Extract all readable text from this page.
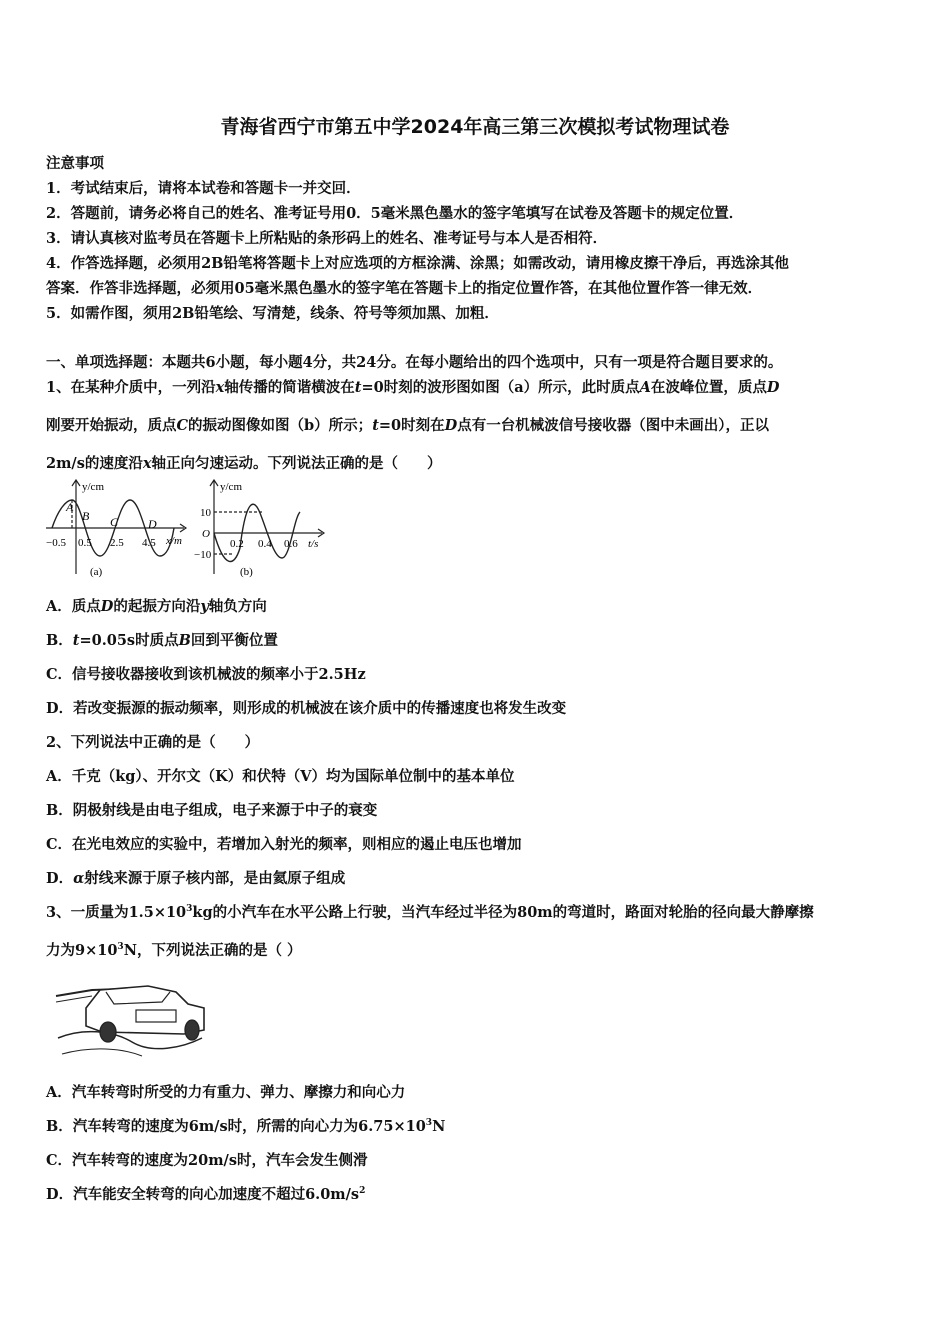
青海省西宁市第五中学2024年高三第三次模拟考试物理试卷
注意事项
1．考试结束后，请将本试卷和答题卡一并交回．
2．答题前，请务必将自己的姓名、准考证号用0．5毫米黑色墨水的签字笔填写在试卷及答题卡的规定位置．
3．请认真核对监考员在答题卡上所粘贴的条形码上的姓名、准考证号与本人是否相符．
4．作答选择题，必须用2B铅笔将答题卡上对应选项的方框涂满、涂黑；如需改动，请用橡皮擦干净后，再选涂其他
答案．作答非选择题，必须用05毫米黑色墨水的签字笔在答题卡上的指定位置作答，在其他位置作答一律无效．
5．如需作图，须用2B铅笔绘、写清楚，线条、符号等须加黑、加粗．
一、单项选择题：本题共6小题，每小题4分，共24分。在每小题给出的四个选项中，只有一项是符合题目要求的。
1、在某种介质中，一列沿x轴传播的简谐横波在t=0时刻的波形图如图（a）所示，此时质点A在波峰位置，质点D
刚要开始振动，质点C的振动图像如图（b）所示；t=0时刻在D点有一台机械波信号接收器（图中未画出），正以
2m/s的速度沿x轴正向匀速运动。下列说法正确的是（　　）
y/cm
x/m
A
B C D
−0.5 0.5 2.5 4.5
(a)
y/cm
10
O
−10
0.2 0.4 0.6 t/s
(b)
A．质点D的起振方向沿y轴负方向
B．t=0.05s时质点B回到平衡位置
C．信号接收器接收到该机械波的频率小于2.5Hz
D．若改变振源的振动频率，则形成的机械波在该介质中的传播速度也将发生改变
2、下列说法中正确的是（　　）
A．千克（kg）、开尔文（K）和伏特（V）均为国际单位制中的基本单位
B．阴极射线是由电子组成，电子来源于中子的衰变
C．在光电效应的实验中，若增加入射光的频率，则相应的遏止电压也增加
D．α射线来源于原子核内部，是由氦原子组成
3、一质量为$1.5\times 10^3kg$的小汽车在水平公路上行驶，当汽车经过半径为80m的弯道时，路面对轮胎的径向最大静摩擦
力为$9\times 10^3N$，下列说法正确的是（ ）
A．汽车转弯时所受的力有重力、弹力、摩擦力和向心力
B．汽车转弯的速度为6m/s时，所需的向心力为$6.75\times 10^3N$
C．汽车转弯的速度为20m/s时，汽车会发生侧滑
D．汽车能安全转弯的向心加速度不超过$6.0m/s^2$
